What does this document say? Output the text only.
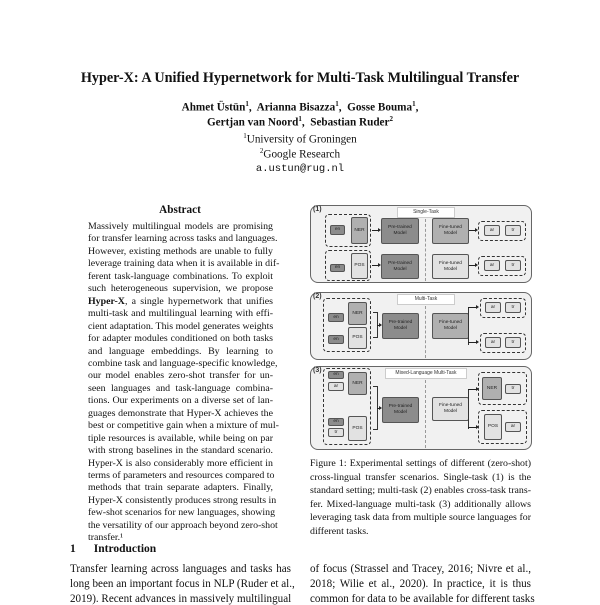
Hyper-X: A Unified Hypernetwork for Multi-Task Multilingual Transfer
Ahmet Üstün$^1$,  Arianna Bisazza$^1$,  Gosse Bouma$^1$,
Gertjan van Noord$^1$,  Sebastian Ruder$^2$
$^1$University of Groningen
$^2$Google Research
a.ustun@rug.nl
Abstract
Massively multilingual models are promising
for transfer learning across tasks and languages.
However, existing methods are unable to fully
leverage training data when it is available in dif-
ferent task-language combinations. To exploit
such heterogeneous supervision, we propose
Hyper-X, a single hypernetwork that unifies
multi-task and multilingual learning with effi-
cient adaptation. This model generates weights
for adapter modules conditioned on both tasks
and language embeddings. By learning to
combine task and language-specific knowledge,
our model enables zero-shot transfer for un-
seen languages and task-language combina-
tions. Our experiments on a diverse set of lan-
guages demonstrate that Hyper-X achieves the
best or competitive gain when a mixture of mul-
tiple resources is available, while being on par
with strong baselines in the standard scenario.
Hyper-X is also considerably more efficient in
terms of parameters and resources compared to
methods that train separate adapters. Finally,
Hyper-X consistently produces strong results in
few-shot scenarios for new languages, showing
the versatility of our approach beyond zero-shot
transfer.¹
1 Introduction
Transfer learning across languages and tasks has
long been an important focus in NLP (Ruder et al.,
2019). Recent advances in massively multilingual
of focus (Strassel and Tracey, 2016; Nivre et al.,
2018; Wilie et al., 2020). In practice, it is thus
common for data to be available for different tasks
(1)	Single-Task
en	NER	Pre-trained Model
Fine-tuned Model
ar	tr
en	POS	Pre-trained Model
Fine-tuned Model
ar	tr
(2)	Multi-Task
en
NER
en	POS
Pre-trained Model
Fine-tuned Model
ar	tr
ar	tr
(3)	Mixed-Language Multi-Task
en
ar
NER
en
tr
POS
Pre-trained Model
Fine-tuned Model
NER	tr
POS	ar
Figure 1: Experimental settings of different (zero-shot)
cross-lingual transfer scenarios. Single-task (1) is the
standard setting; multi-task (2) enables cross-task trans-
fer. Mixed-language multi-task (3) additionally allows
leveraging task data from multiple source languages for
different tasks.
